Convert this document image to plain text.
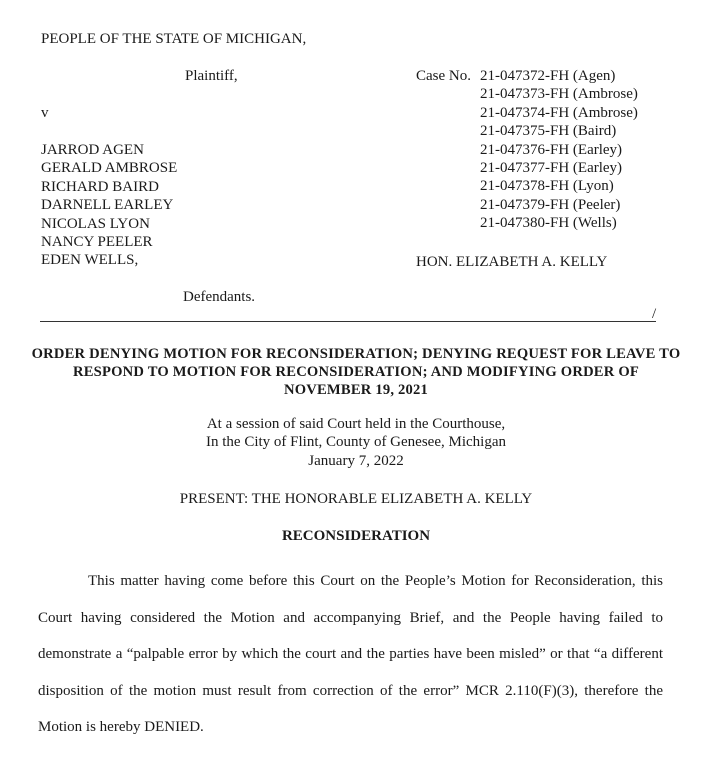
PEOPLE OF THE STATE OF MICHIGAN,
Plaintiff,
v
JARROD AGEN
GERALD AMBROSE
RICHARD BAIRD
DARNELL EARLEY
NICOLAS LYON
NANCY PEELER
EDEN WELLS,
Defendants.
Case No. 21-047372-FH (Agen)
21-047373-FH (Ambrose)
21-047374-FH (Ambrose)
21-047375-FH (Baird)
21-047376-FH (Earley)
21-047377-FH (Earley)
21-047378-FH (Lyon)
21-047379-FH (Peeler)
21-047380-FH (Wells)
HON. ELIZABETH A. KELLY
/
ORDER DENYING MOTION FOR RECONSIDERATION; DENYING REQUEST FOR LEAVE TO RESPOND TO MOTION FOR RECONSIDERATION; AND MODIFYING ORDER OF NOVEMBER 19, 2021
At a session of said Court held in the Courthouse,
In the City of Flint, County of Genesee, Michigan
January 7, 2022
PRESENT: THE HONORABLE ELIZABETH A. KELLY
RECONSIDERATION

This matter having come before this Court on the People’s Motion for Reconsideration, this Court having considered the Motion and accompanying Brief, and the People having failed to demonstrate a “palpable error by which the court and the parties have been misled” or that “a different disposition of the motion must result from correction of the error” MCR 2.110(F)(3), therefore the Motion is hereby DENIED.
